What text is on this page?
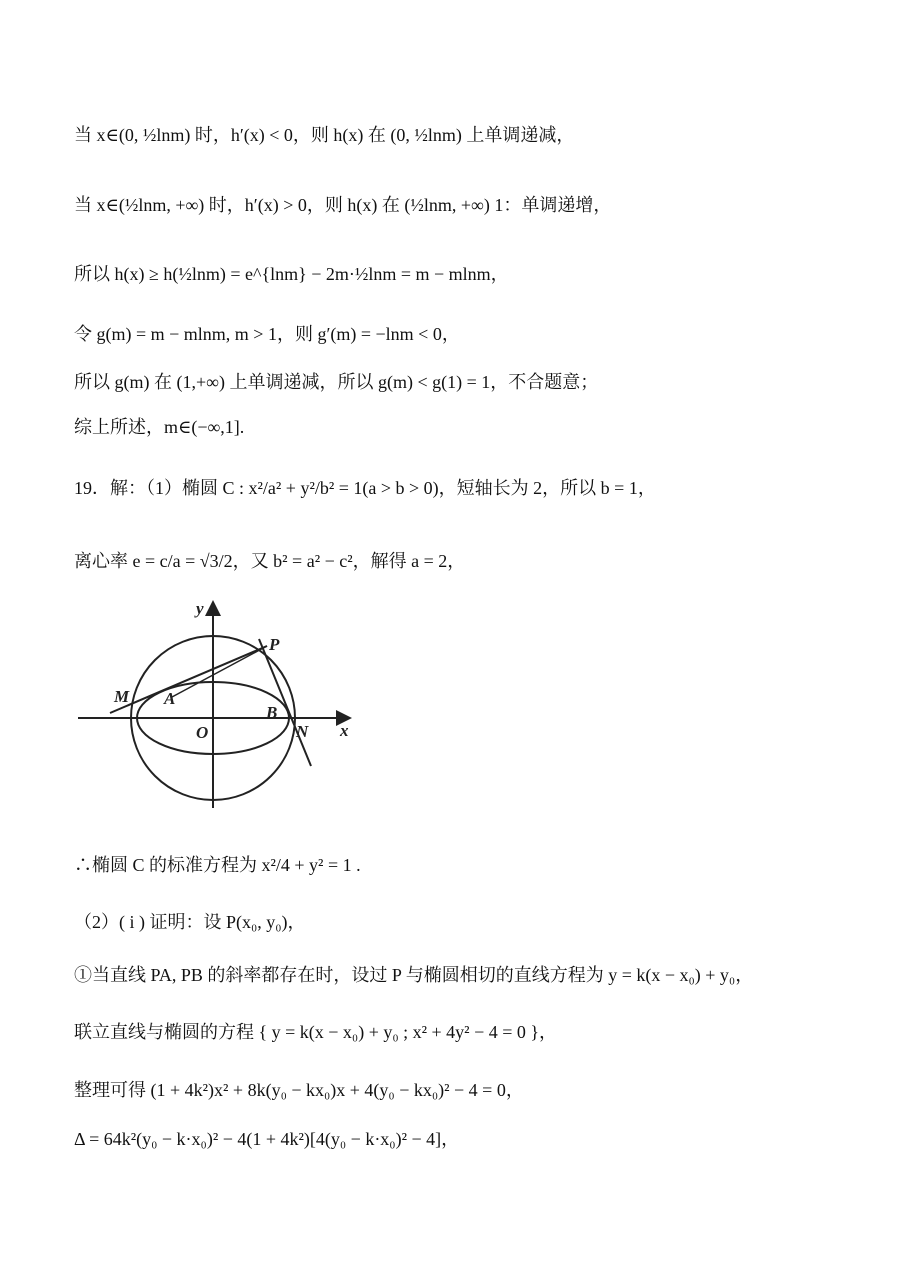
当 x∈(0, ½lnm) 时，h′(x) < 0，则 h(x) 在 (0, ½lnm) 上单调递减，
当 x∈(½lnm, +∞) 时，h′(x) > 0，则 h(x) 在 (½lnm, +∞) 1：单调递增，
所以 h(x) ≥ h(½lnm) = e^{lnm} − 2m·½lnm = m − mlnm，
令 g(m) = m − mlnm, m > 1，则 g′(m) = −lnm < 0，
所以 g(m) 在 (1,+∞) 上单调递减，所以 g(m) < g(1) = 1，不合题意；
综上所述，m∈(−∞,1].
19．解：（1）椭圆 C : x²/a² + y²/b² = 1(a > b > 0)，短轴长为 2，所以 b = 1，
离心率 e = c/a = √3/2，又 b² = a² − c²，解得 a = 2，
P
M A
B
N
O
y
x
∴椭圆 C 的标准方程为 x²/4 + y² = 1 .
（2）( i ) 证明：设 P(x₀, y₀)，
①当直线 PA, PB 的斜率都存在时，设过 P 与椭圆相切的直线方程为 y = k(x − x₀) + y₀，
联立直线与椭圆的方程 { y = k(x − x₀) + y₀ ; x² + 4y² − 4 = 0 }，
整理可得 (1 + 4k²)x² + 8k(y₀ − kx₀)x + 4(y₀ − kx₀)² − 4 = 0，
Δ = 64k²(y₀ − k·x₀)² − 4(1 + 4k²)[4(y₀ − k·x₀)² − 4]，
